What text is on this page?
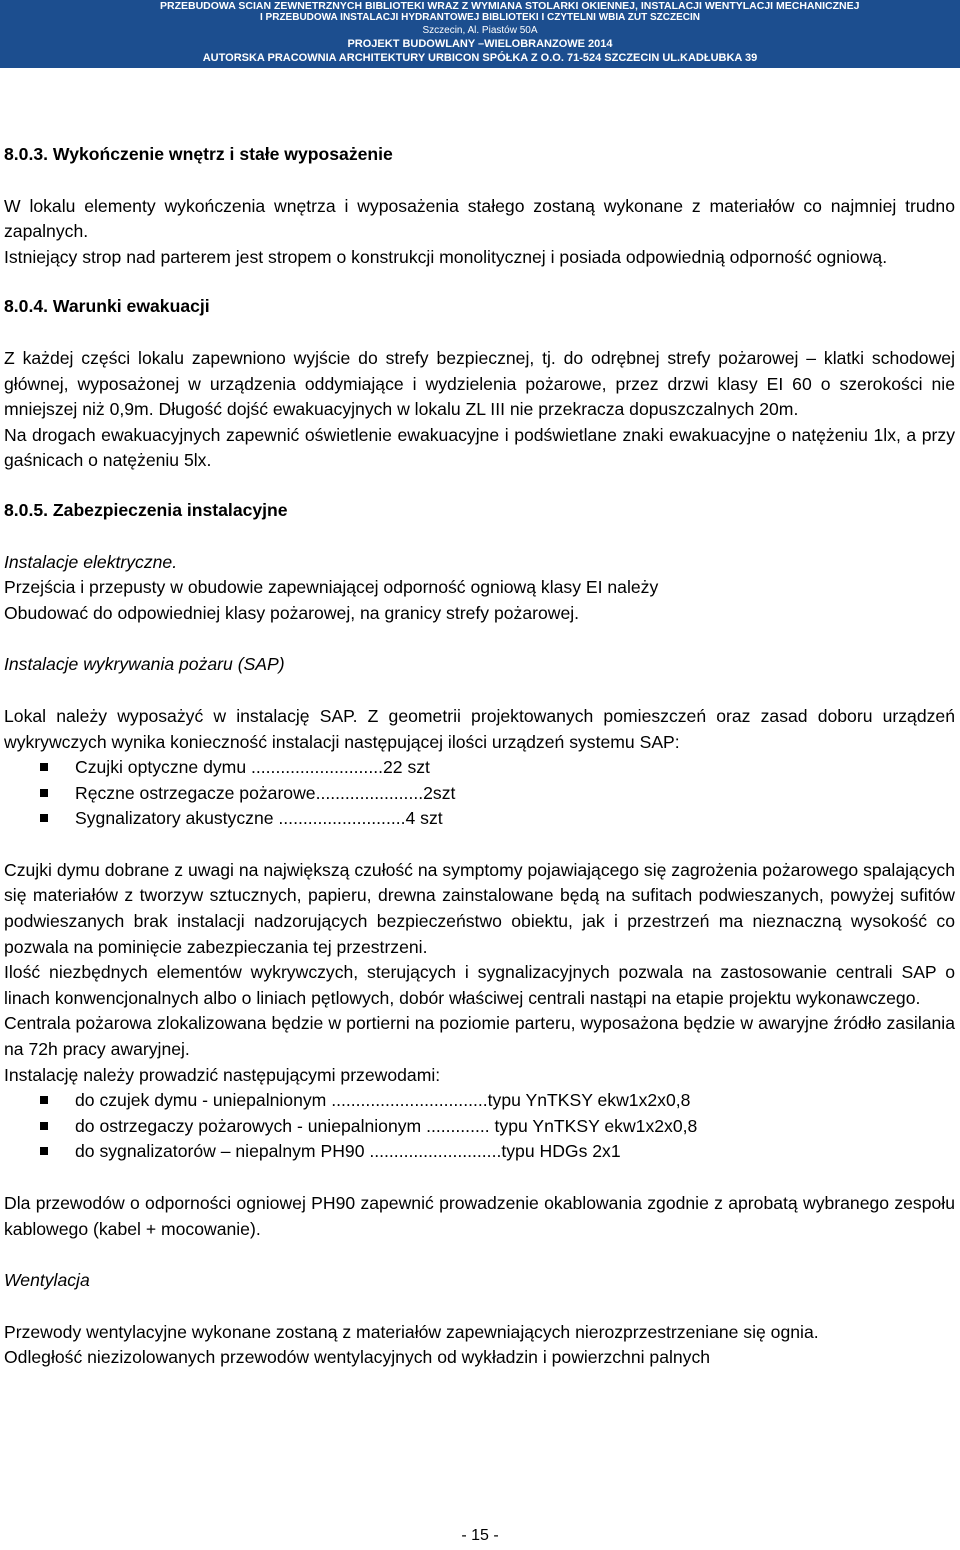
PRZEBUDOWA SCIAN ZEWNETRZNYCH BIBLIOTEKI WRAZ Z WYMIANA STOLARKI OKIENNEJ, INSTALACJI WENTYLACJI MECHANICZNEJ
I PRZEBUDOWA INSTALACJI HYDRANTOWEJ BIBLIOTEKI I CZYTELNI WBIA ZUT SZCZECIN
Szczecin, Al. Piastów 50A
PROJEKT BUDOWLANY –WIELOBRANZOWE 2014
AUTORSKA PRACOWNIA ARCHITEKTURY URBICON SPÓŁKA Z O.O. 71-524 SZCZECIN UL.KADŁUBKA 39

8.0.3. Wykończenie wnętrz i stałe wyposażenie

W lokalu elementy wykończenia wnętrza i wyposażenia stałego zostaną wykonane z materiałów co najmniej trudno zapalnych.

Istniejący strop nad parterem jest stropem o konstrukcji monolitycznej i posiada odpowiednią odporność ogniową.

8.0.4. Warunki ewakuacji

Z każdej części lokalu zapewniono wyjście do strefy bezpiecznej, tj. do odrębnej strefy pożarowej – klatki schodowej głównej, wyposażonej w urządzenia oddymiające i wydzielenia pożarowe, przez drzwi klasy EI 60 o szerokości nie mniejszej niż 0,9m. Długość dojść ewakuacyjnych w lokalu ZL III nie przekracza dopuszczalnych 20m.

Na drogach ewakuacyjnych zapewnić oświetlenie ewakuacyjne i podświetlane znaki ewakuacyjne o natężeniu 1lx, a przy gaśnicach o natężeniu 5lx.

8.0.5. Zabezpieczenia instalacyjne

Instalacje elektryczne.

Przejścia i przepusty w obudowie zapewniającej odporność ogniową klasy EI należy

Obudować do odpowiedniej klasy pożarowej, na granicy strefy pożarowej.

Instalacje wykrywania pożaru (SAP)

Lokal należy wyposażyć w instalację SAP. Z geometrii projektowanych pomieszczeń oraz zasad doboru urządzeń wykrywczych wynika konieczność instalacji następującej ilości urządzeń systemu SAP:

Czujki optyczne dymu ...........................22 szt
Ręczne ostrzegacze pożarowe......................2szt
Sygnalizatory akustyczne ..........................4 szt

Czujki dymu dobrane z uwagi na największą czułość na symptomy pojawiającego się zagrożenia pożarowego spalających się materiałów z tworzyw sztucznych, papieru, drewna zainstalowane będą na sufitach podwieszanych, powyżej sufitów podwieszanych brak instalacji nadzorujących bezpieczeństwo obiektu, jak i przestrzeń ma nieznaczną wysokość co pozwala na pominięcie zabezpieczania tej przestrzeni.

Ilość niezbędnych elementów wykrywczych, sterujących i sygnalizacyjnych pozwala na zastosowanie centrali SAP o linach konwencjonalnych albo o liniach pętlowych, dobór właściwej centrali nastąpi na etapie projektu wykonawczego.

Centrala pożarowa zlokalizowana będzie w portierni na poziomie parteru, wyposażona będzie w awaryjne źródło zasilania na 72h pracy awaryjnej.

Instalację należy prowadzić następującymi przewodami:

do czujek dymu - uniepalnionym ................................typu YnTKSY ekw1x2x0,8
do ostrzegaczy pożarowych - uniepalnionym ............. typu YnTKSY ekw1x2x0,8
do sygnalizatorów – niepalnym PH90 ...........................typu HDGs 2x1

Dla przewodów o odporności ogniowej PH90 zapewnić prowadzenie okablowania zgodnie z aprobatą wybranego zespołu kablowego (kabel + mocowanie).

Wentylacja

Przewody wentylacyjne wykonane zostaną z materiałów zapewniających nierozprzestrzeniane się ognia.

Odległość niezizolowanych przewodów wentylacyjnych od wykładzin i powierzchni palnych

- 15 -
